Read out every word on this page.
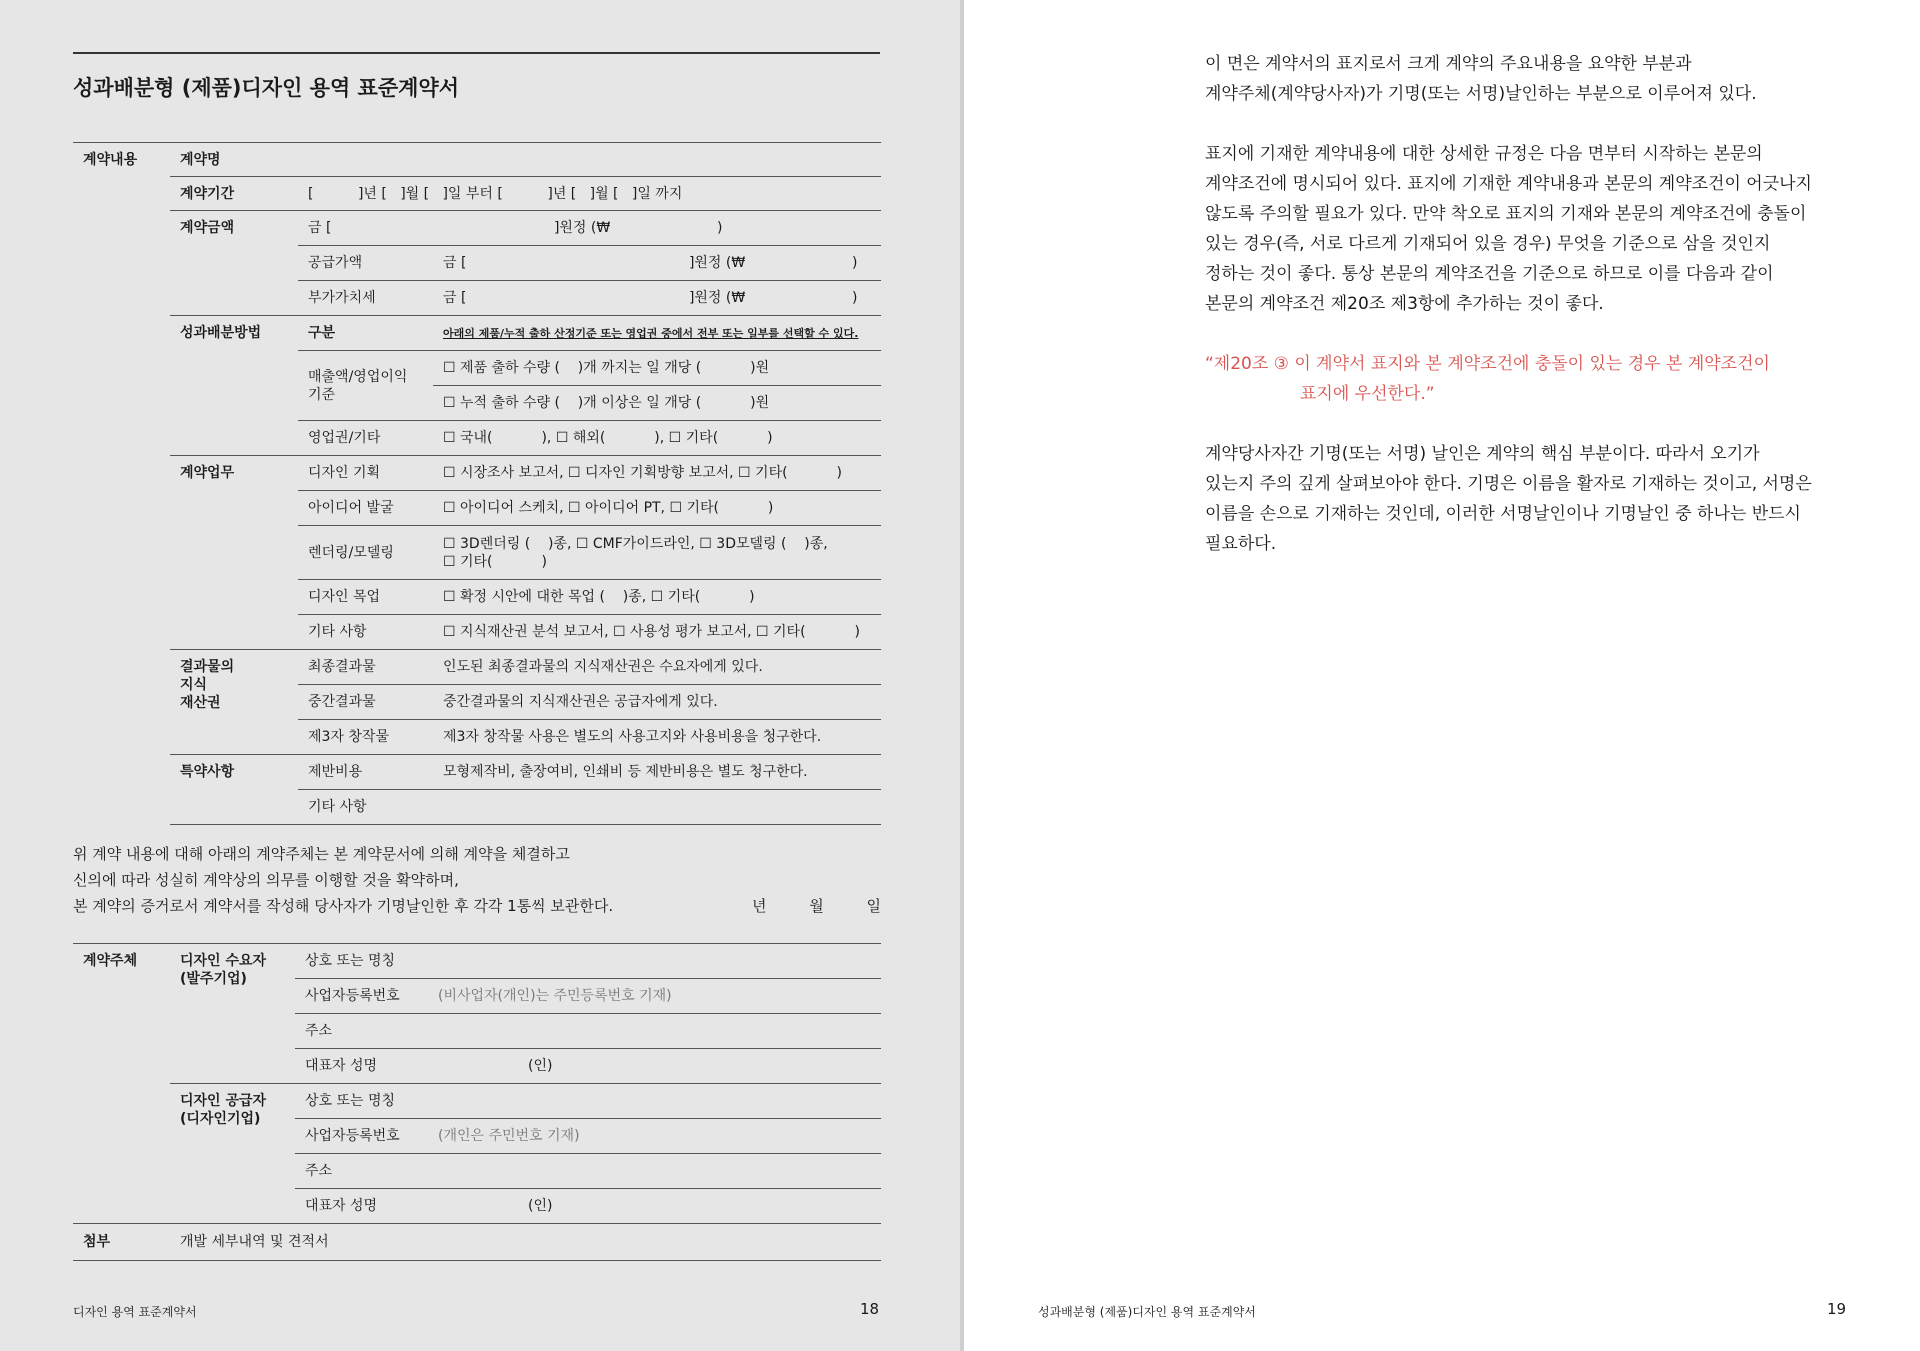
성과배분형 (제품)디자인 용역 표준계약서
계약내용	계약명		
	계약기간	[          ]년 [   ]월 [   ]일 부터 [          ]년 [   ]월 [   ]일 까지	
	계약금액	금 [                                                  ]원정 (₩                        )	
		공급가액	금 [                                                  ]원정 (₩                        )
		부가가치세	금 [                                                  ]원정 (₩                        )
	성과배분방법	구분	아래의 제품/누적 출하 산정기준 또는 영업권 중에서 전부 또는 일부를 선택할 수 있다.
		매출액/영업이익 기준	☐ 제품 출하 수량 (    )개 까지는 일 개당 (           )원
			☐ 누적 출하 수량 (    )개 이상은 일 개당 (           )원
		영업권/기타	☐ 국내(           ), ☐ 해외(           ), ☐ 기타(           )
	계약업무	디자인 기획	☐ 시장조사 보고서, ☐ 디자인 기획방향 보고서, ☐ 기타(           )
		아이디어 발굴	☐ 아이디어 스케치, ☐ 아이디어 PT, ☐ 기타(           )
		렌더링/모델링	☐ 3D렌더링 (    )종, ☐ CMF가이드라인, ☐ 3D모델링 (    )종,
☐ 기타(           )

		디자인 목업	☐ 확정 시안에 대한 목업 (    )종, ☐ 기타(           )
		기타 사항	☐ 지식재산권 분석 보고서, ☐ 사용성 평가 보고서, ☐ 기타(           )

	결과물의
지식
재산권	최종결과물	인도된 최종결과물의 지식재산권은 수요자에게 있다.
		중간결과물	중간결과물의 지식재산권은 공급자에게 있다.
		제3자 창작물	제3자 창작물 사용은 별도의 사용고지와 사용비용을 청구한다.
	특약사항	제반비용	모형제작비, 출장여비, 인쇄비 등 제반비용은 별도 청구한다.
		기타 사항	
위 계약 내용에 대해 아래의 계약주체는 본 계약문서에 의해 계약을 체결하고
신의에 따라 성실히 계약상의 의무를 이행할 것을 확약하며,
본 계약의 증거로서 계약서를 작성해 당사자가 기명날인한 후 각각 1통씩 보관한다.	년	월	일
계약주체	디자인 수요자
(발주기업)	상호 또는 명칭	
		사업자등록번호	(비사업자(개인)는 주민등록번호 기재)
		주소	
		대표자 성명	(인)

	디자인 공급자
(디자인기업)	상호 또는 명칭	
		사업자등록번호	(개인은 주민번호 기재)
		주소	
		대표자 성명	(인)
첨부	개발 세부내역 및 견적서		
디자인 용역 표준계약서	18
이 면은 계약서의 표지로서 크게 계약의 주요내용을 요약한 부분과
계약주체(계약당사자)가 기명(또는 서명)날인하는 부분으로 이루어져 있다.
표지에 기재한 계약내용에 대한 상세한 규정은 다음 면부터 시작하는 본문의
계약조건에 명시되어 있다. 표지에 기재한 계약내용과 본문의 계약조건이 어긋나지
않도록 주의할 필요가 있다. 만약 착오로 표지의 기재와 본문의 계약조건에 충돌이
있는 경우(즉, 서로 다르게 기재되어 있을 경우) 무엇을 기준으로 삼을 것인지
정하는 것이 좋다. 통상 본문의 계약조건을 기준으로 하므로 이를 다음과 같이
본문의 계약조건 제20조 제3항에 추가하는 것이 좋다.
“제20조 ③ 이 계약서 표지와 본 계약조건에 충돌이 있는 경우 본 계약조건이
표지에 우선한다.”
계약당사자간 기명(또는 서명) 날인은 계약의 핵심 부분이다. 따라서 오기가
있는지 주의 깊게 살펴보아야 한다. 기명은 이름을 활자로 기재하는 것이고, 서명은
이름을 손으로 기재하는 것인데, 이러한 서명날인이나 기명날인 중 하나는 반드시
필요하다.
성과배분형 (제품)디자인 용역 표준계약서	19
